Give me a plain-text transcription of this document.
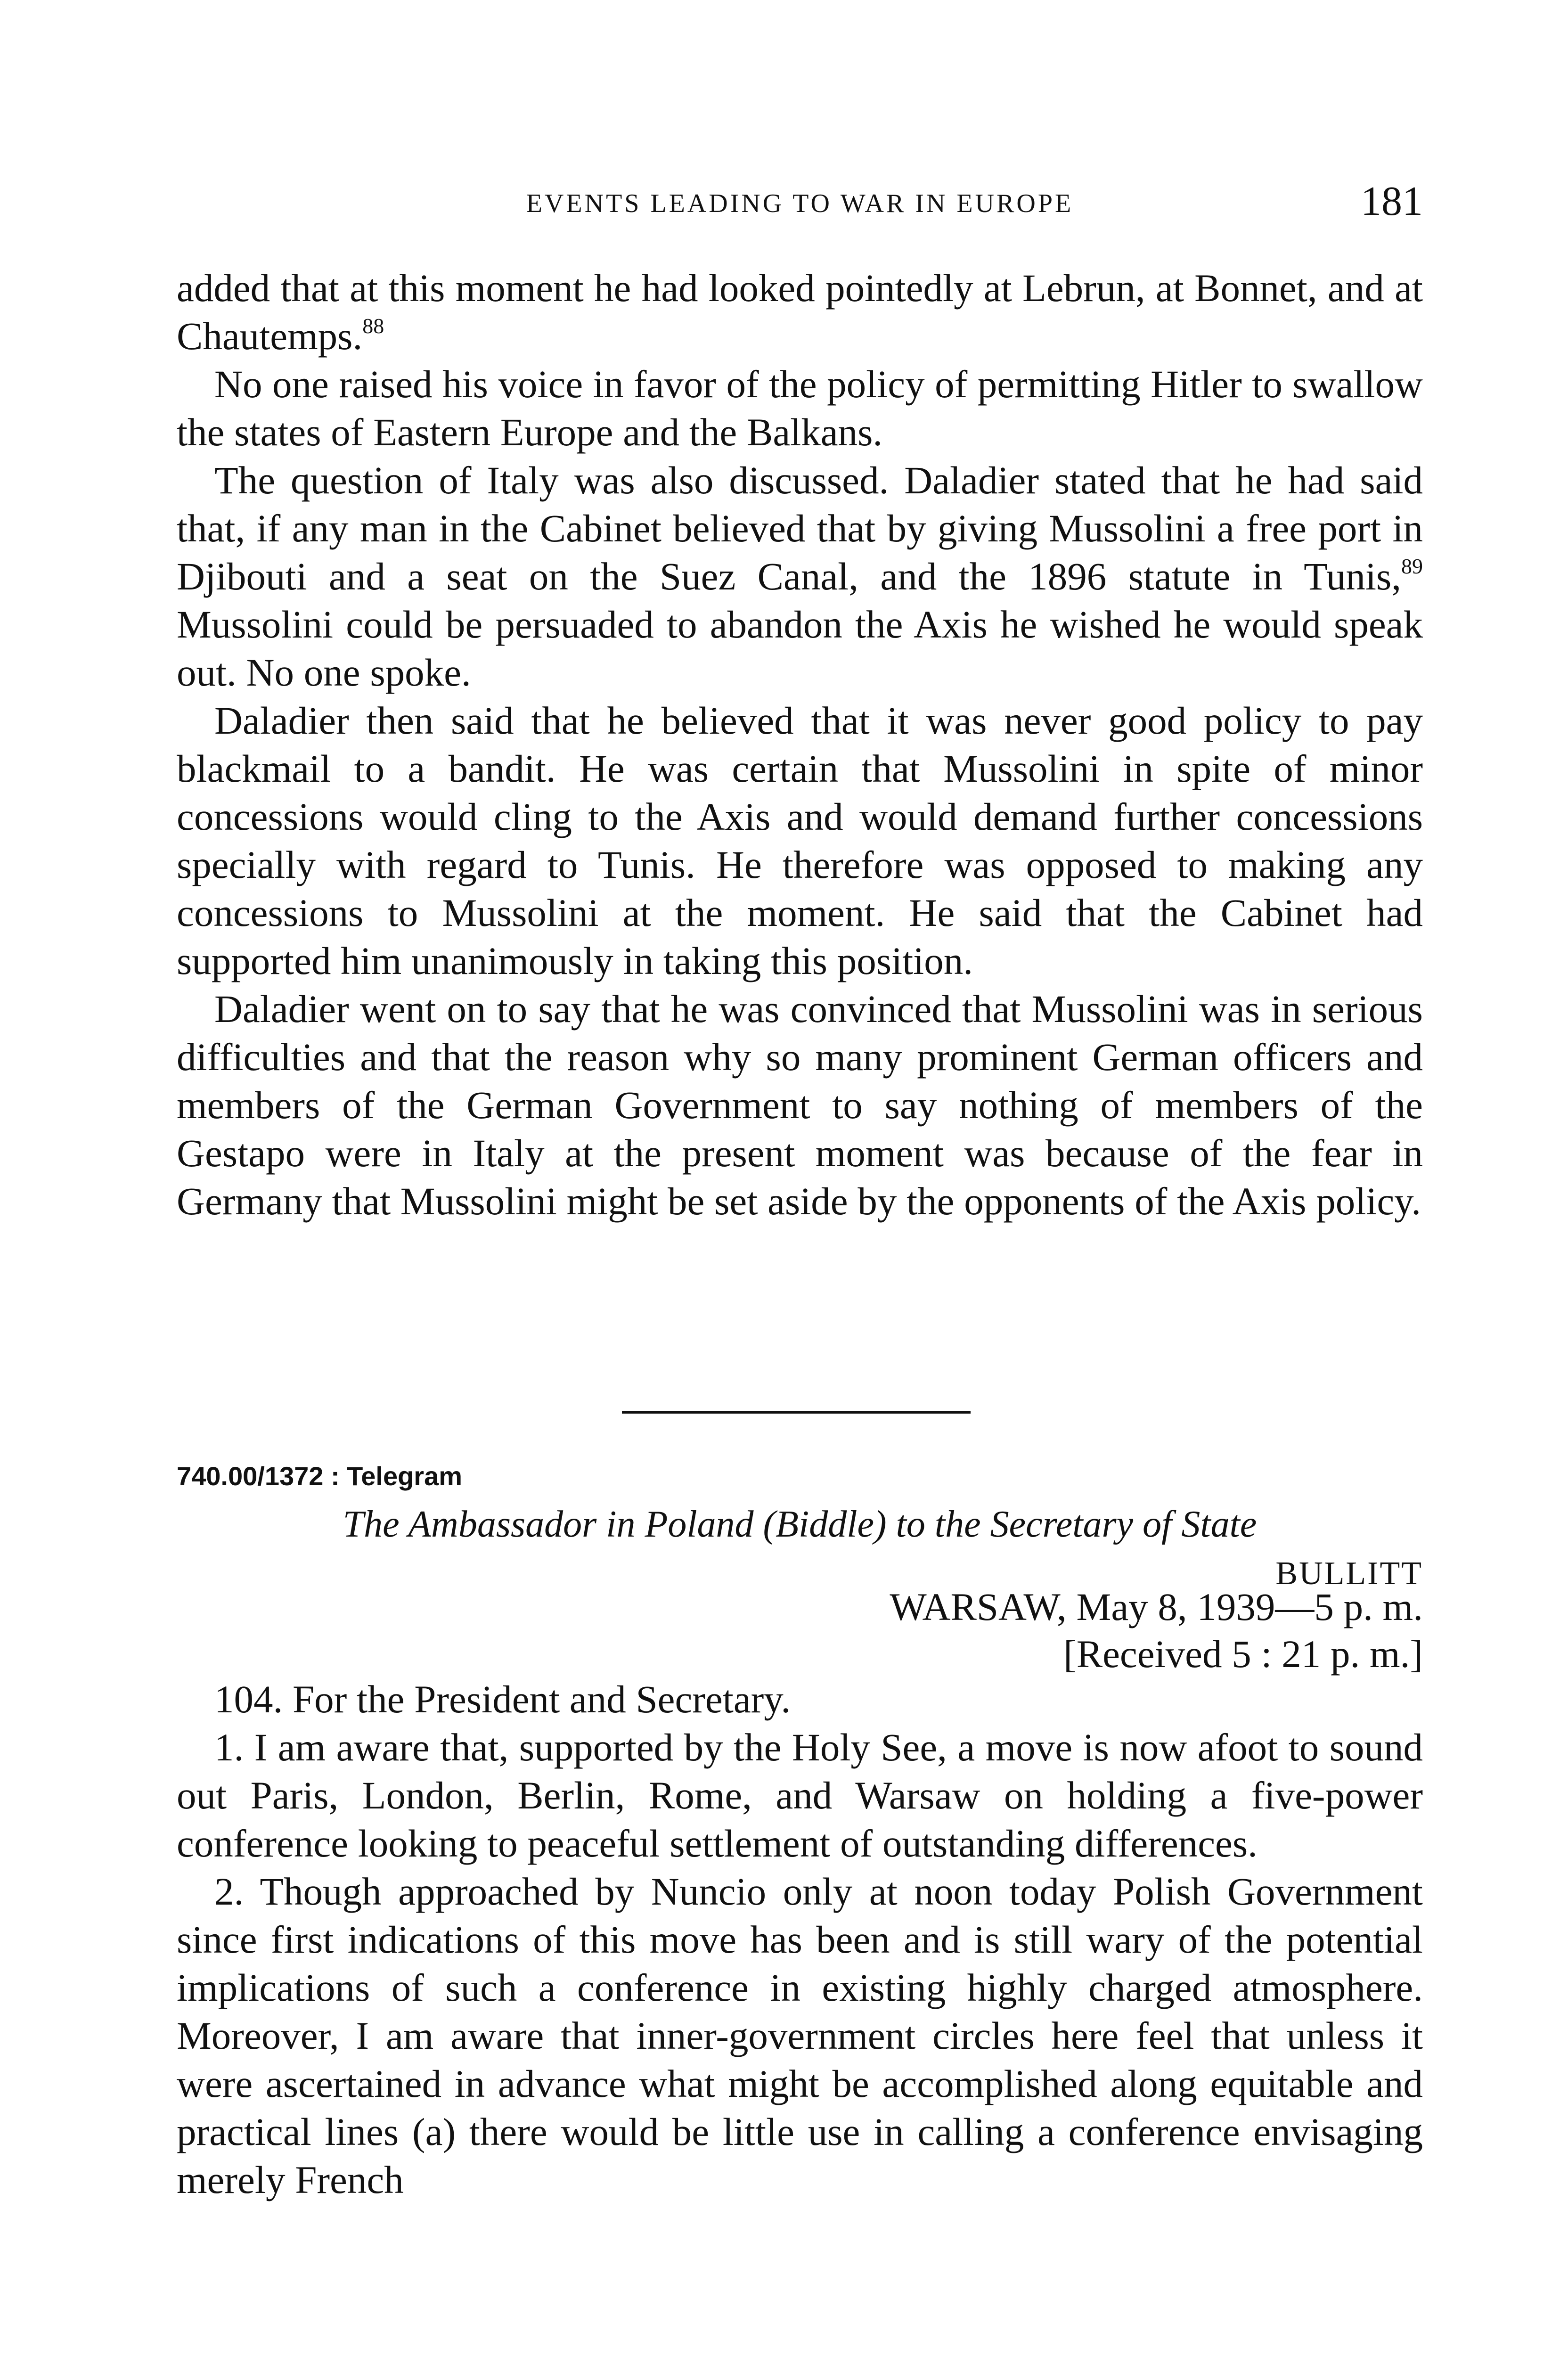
EVENTS LEADING TO WAR IN EUROPE	181

added that at this moment he had looked pointedly at Lebrun, at Bonnet, and at Chautemps.$^{88}$

No one raised his voice in favor of the policy of permitting Hitler to swallow the states of Eastern Europe and the Balkans.

The question of Italy was also discussed. Daladier stated that he had said that, if any man in the Cabinet believed that by giving Mussolini a free port in Djibouti and a seat on the Suez Canal, and the 1896 statute in Tunis,$^{89}$ Mussolini could be persuaded to abandon the Axis he wished he would speak out. No one spoke.

Daladier then said that he believed that it was never good policy to pay blackmail to a bandit. He was certain that Mussolini in spite of minor concessions would cling to the Axis and would demand further concessions specially with regard to Tunis. He therefore was opposed to making any concessions to Mussolini at the moment. He said that the Cabinet had supported him unanimously in taking this position.

Daladier went on to say that he was convinced that Mussolini was in serious difficulties and that the reason why so many prominent German officers and members of the German Government to say nothing of members of the Gestapo were in Italy at the present moment was because of the fear in Germany that Mussolini might be set aside by the opponents of the Axis policy.

BULLITT
740.00/1372 : Telegram
The Ambassador in Poland (Biddle) to the Secretary of State
WARSAW, May 8, 1939—5 p. m.
[Received 5 : 21 p. m.]

104. For the President and Secretary.

1. I am aware that, supported by the Holy See, a move is now afoot to sound out Paris, London, Berlin, Rome, and Warsaw on holding a five-power conference looking to peaceful settlement of outstanding differences.

2. Though approached by Nuncio only at noon today Polish Government since first indications of this move has been and is still wary of the potential implications of such a conference in existing highly charged atmosphere. Moreover, I am aware that inner-government circles here feel that unless it were ascertained in advance what might be accomplished along equitable and practical lines (a) there would be little use in calling a conference envisaging merely French
